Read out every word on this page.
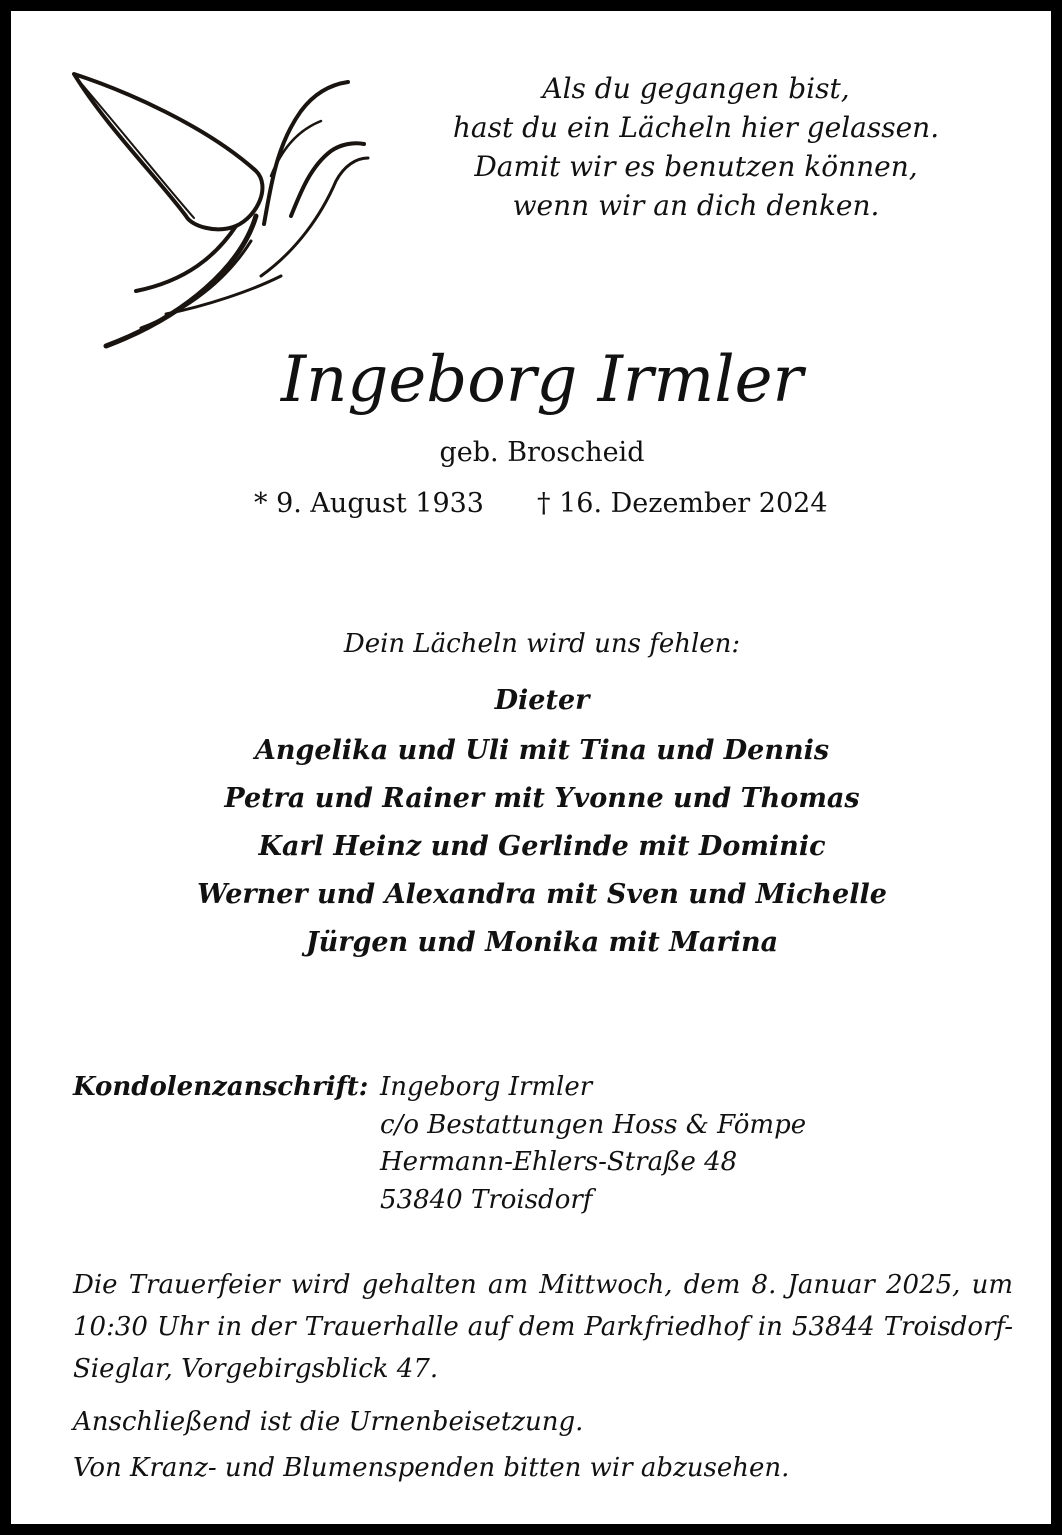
Als du gegangen bist,
hast du ein Lächeln hier gelassen.
Damit wir es benutzen können,
wenn wir an dich denken.
Ingeborg Irmler
geb. Broscheid
* 9. August 1933 † 16. Dezember 2024
Dein Lächeln wird uns fehlen:
Dieter
Angelika und Uli mit Tina und Dennis
Petra und Rainer mit Yvonne und Thomas
Karl Heinz und Gerlinde mit Dominic
Werner und Alexandra mit Sven und Michelle
Jürgen und Monika mit Marina
Kondolenzanschrift: Ingeborg Irmler
c/o Bestattungen Hoss & Fömpe
Hermann-Ehlers-Straße 48
53840 Troisdorf
Die Trauerfeier wird gehalten am Mittwoch, dem 8. Januar 2025, um 10:30 Uhr in der Trauerhalle auf dem Parkfriedhof in 53844 Troisdorf-Sieglar, Vorgebirgsblick 47.
Anschließend ist die Urnenbeisetzung.
Von Kranz- und Blumenspenden bitten wir abzusehen.
